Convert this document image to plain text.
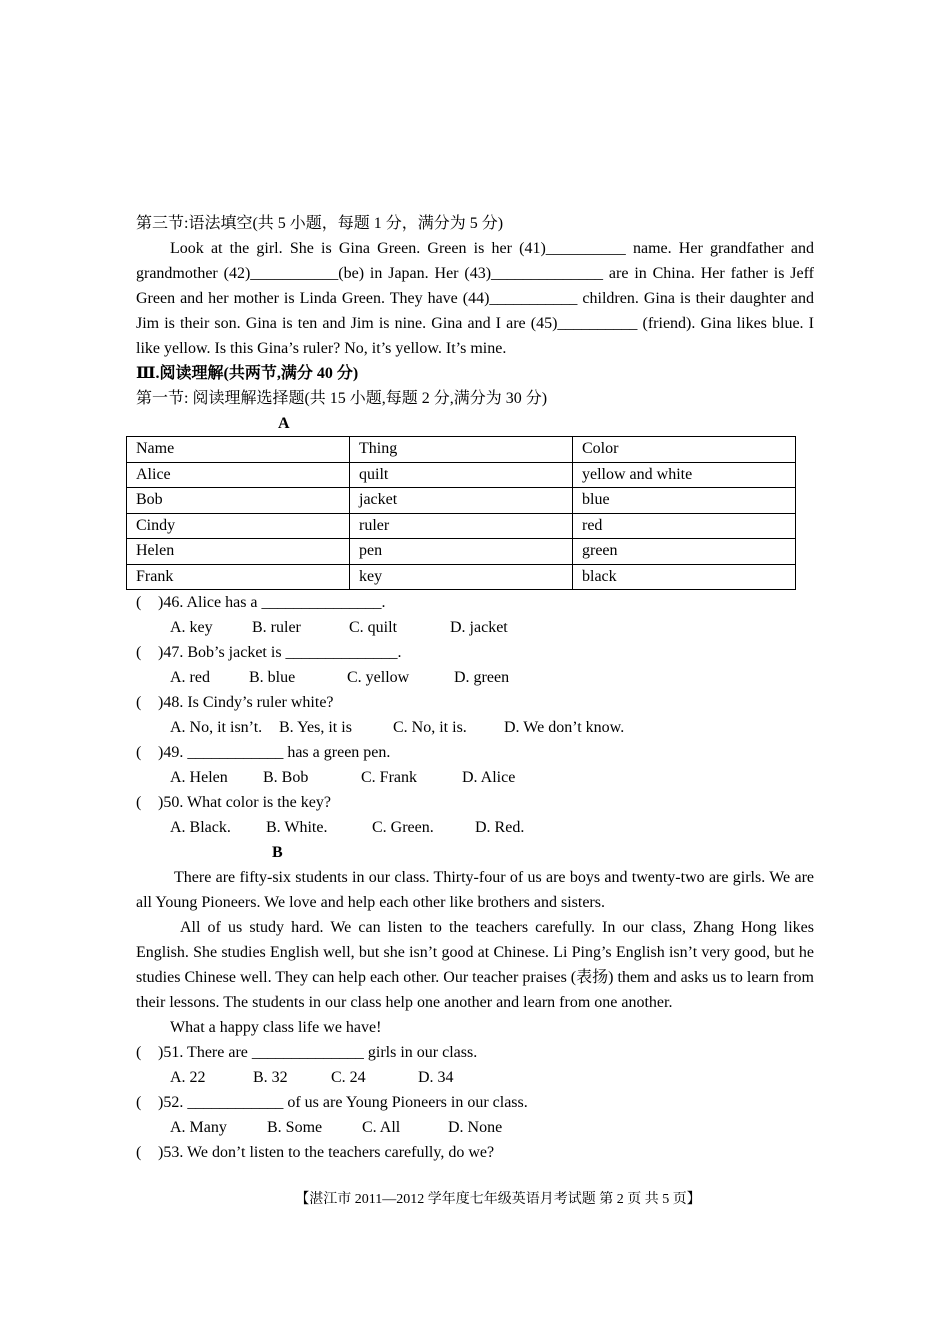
第三节:语法填空(共 5 小题，每题 1 分，满分为 5 分)

Look at the girl. She is Gina Green. Green is her (41)__________ name. Her grandfather and grandmother (42)___________(be) in Japan. Her (43)______________ are in China. Her father is Jeff Green and her mother is Linda Green. They have (44)___________ children. Gina is their daughter and Jim is their son. Gina is ten and Jim is nine. Gina and I are (45)__________ (friend). Gina likes blue. I like yellow. Is this Gina’s ruler? No, it’s yellow. It’s mine.

Ⅲ.阅读理解(共两节,满分 40 分)
第一节: 阅读理解选择题(共 15 小题,每题 2 分,满分为 30 分)
A
Name	Thing	Color
Alice	quilt	yellow and white
Bob	jacket	blue
Cindy	ruler	red
Helen	pen	green
Frank	key	black
( )46. Alice has a _______________.
A. key B. ruler	C. quilt	D. jacket
( )47. Bob’s jacket is ______________.
A. red B. blue	C. yellow	D. green
( )48. Is Cindy’s ruler white?
A. No, it isn’t. B. Yes, it is	C. No, it is. D. We don’t know.
( )49. ____________ has a green pen.
A. Helen B. Bob	C. Frank	D. Alice
( )50. What color is the key?
A. Black. B. White.	C. Green.	D. Red.
B

There are fifty-six students in our class. Thirty-four of us are boys and twenty-two are girls. We are all Young Pioneers. We love and help each other like brothers and sisters.

All of us study hard. We can listen to the teachers carefully. In our class, Zhang Hong likes English. She studies English well, but she isn’t good at Chinese. Li Ping’s English isn’t very good, but he studies Chinese well. They can help each other. Our teacher praises (表扬) them and asks us to learn from their lessons. The students in our class help one another and learn from one another.

What a happy class life we have!

( )51. There are ______________ girls in our class.
A. 22	B. 32	C. 24	D. 34
( )52. ____________ of us are Young Pioneers in our class.
A. Many	B. Some C. All	D. None
( )53. We don’t listen to the teachers carefully, do we?
【湛江市 2011—2012 学年度七年级英语月考试题 第 2 页 共 5 页】
